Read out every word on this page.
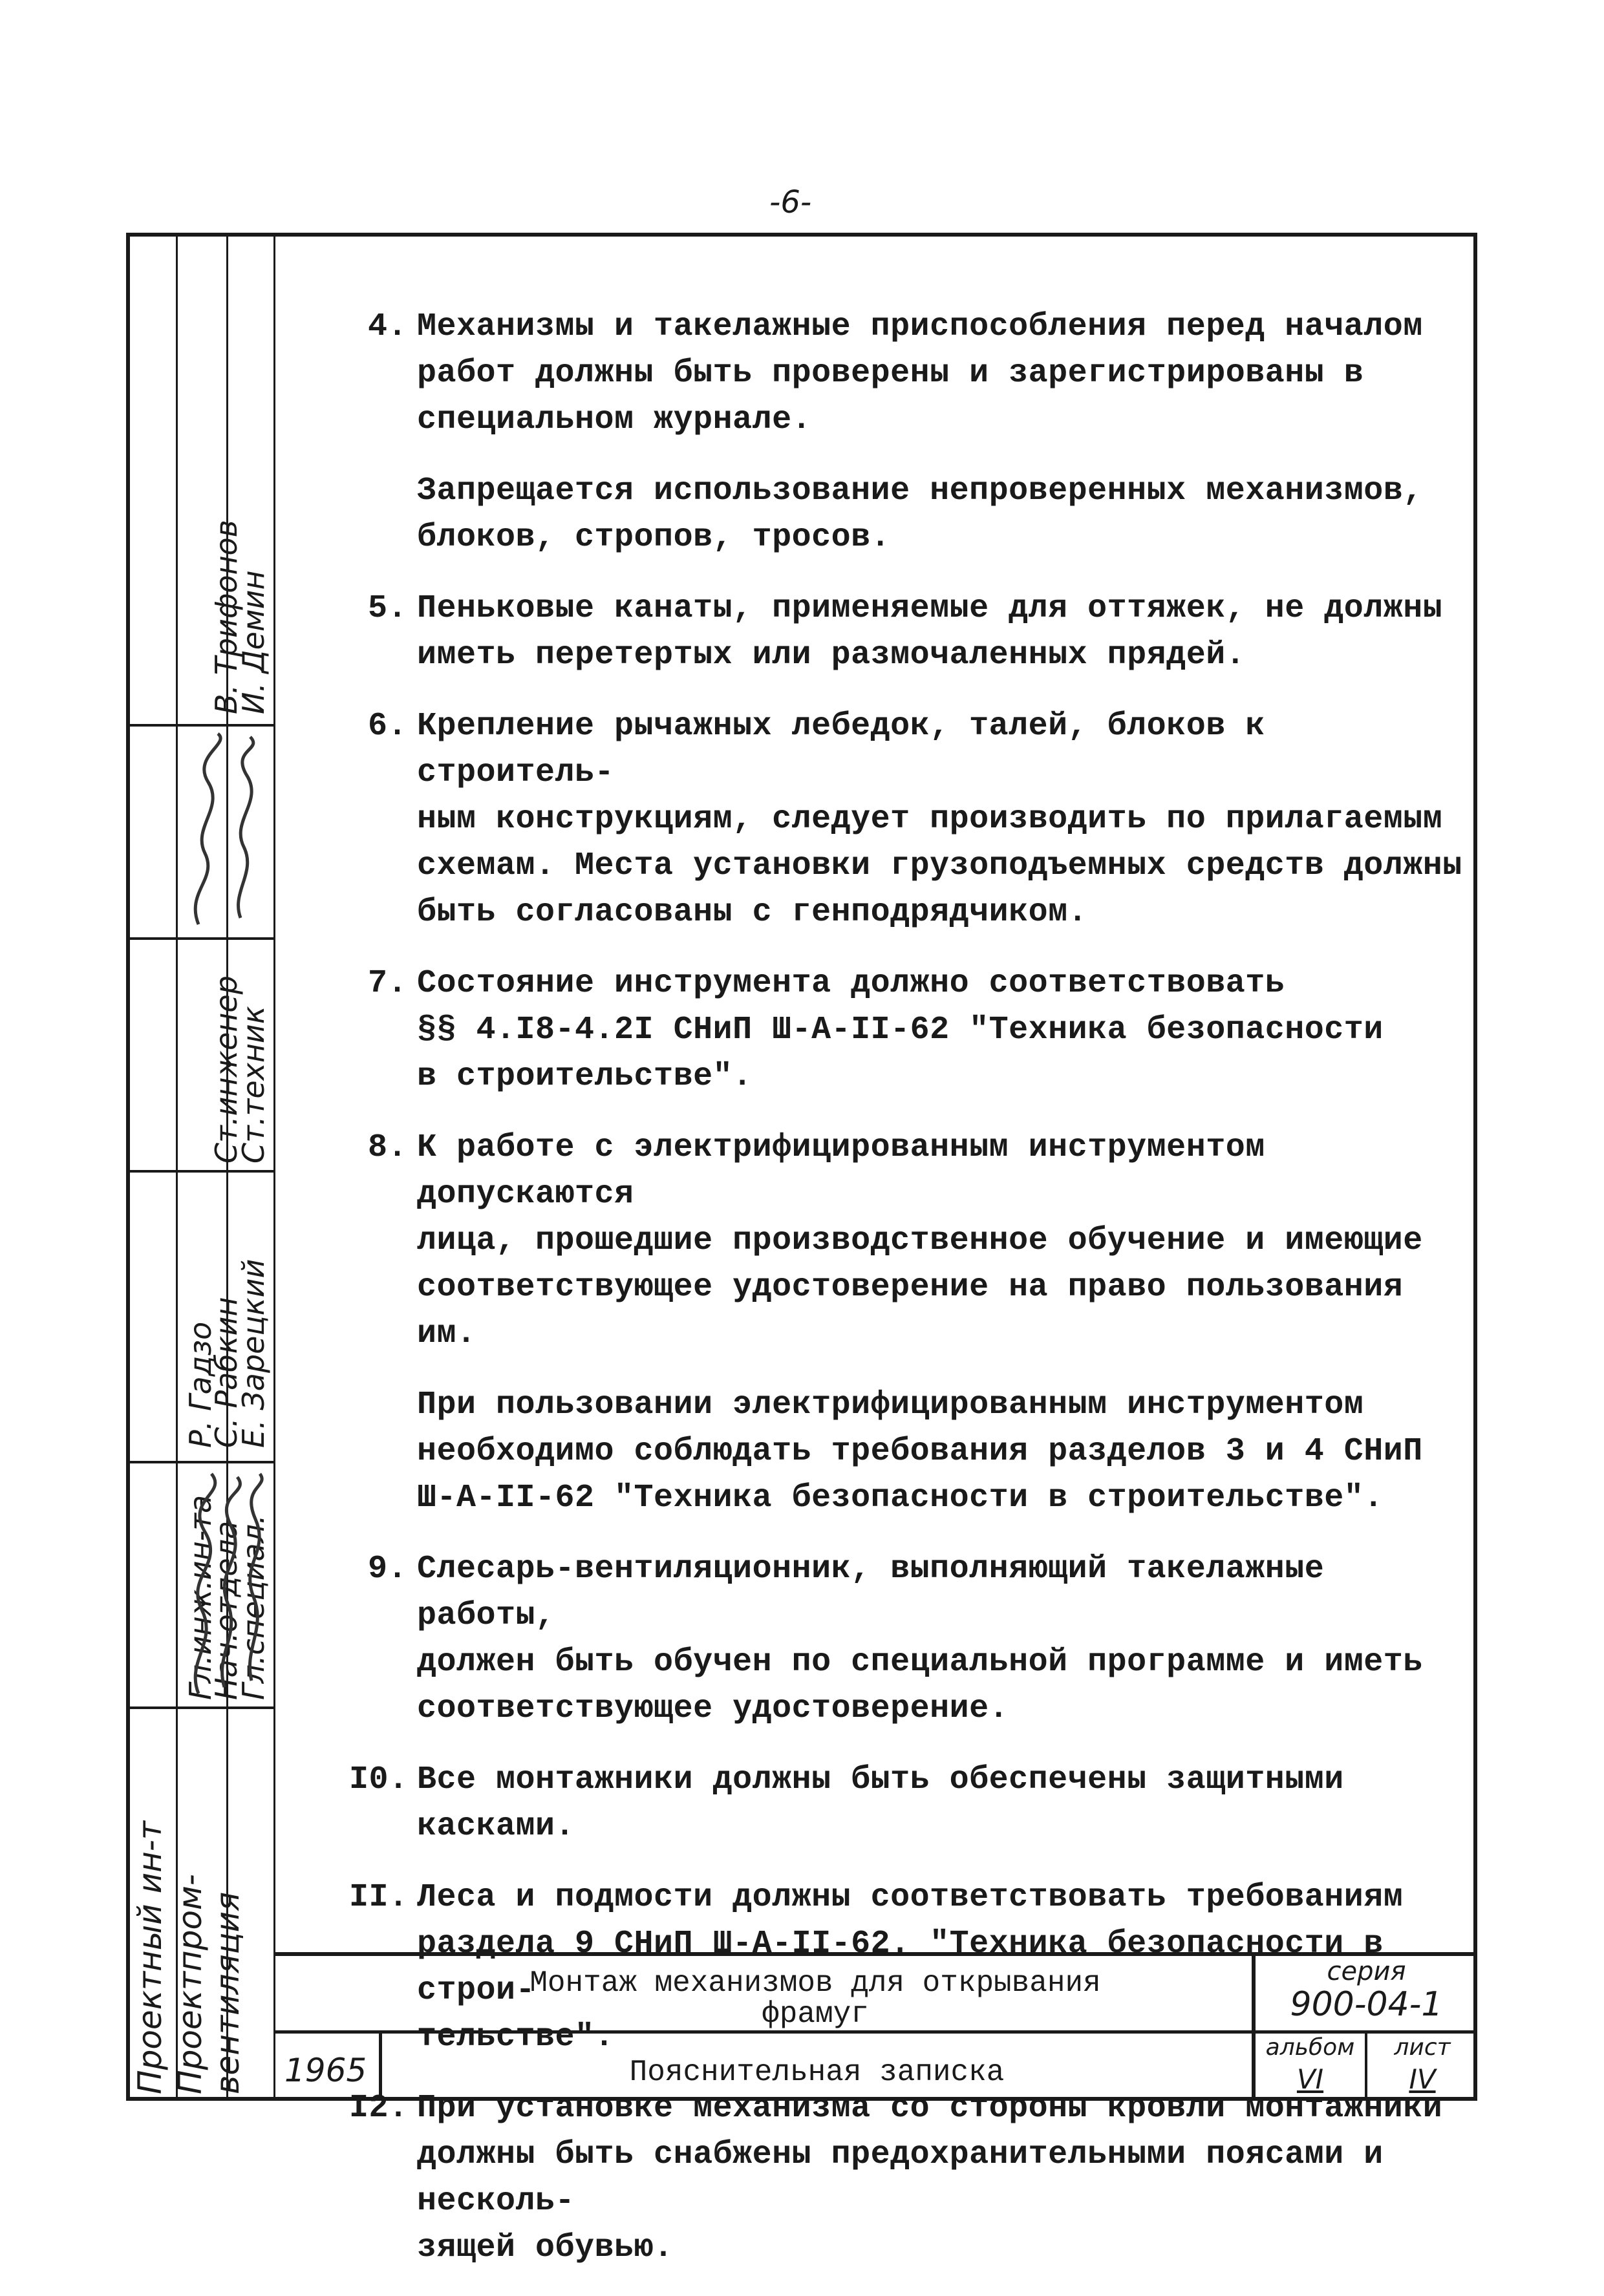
-6-
Проектный ин-т Проектпром- вентиляция
Гл.инж.ин-та
Нач.отдела
Гл.специал.
Ст.инженер
Ст.техник
Р. Гадзо
С. Рабкин
Е. Зарецкий
В. Трифонов
И. Демин
4. Механизмы и такелажные приспособления перед началом
работ должны быть проверены и зарегистрированы в
специальном журнале.
Запрещается использование непроверенных механизмов,
блоков, стропов, тросов.
5. Пеньковые канаты, применяемые для оттяжек, не должны
иметь перетертых или размочаленных прядей.
6. Крепление рычажных лебедок, талей, блоков к строитель-
ным конструкциям, следует производить по прилагаемым
схемам. Места установки грузоподъемных средств должны
быть согласованы с генподрядчиком.
7. Состояние инструмента должно соответствовать
§§ 4.I8-4.2I СНиП Ш-А-II-62 "Техника безопасности
в строительстве".
8. К работе с электрифицированным инструментом допускаются
лица, прошедшие производственное обучение и имеющие
соответствующее удостоверение на право пользования им.
При пользовании электрифицированным инструментом
необходимо соблюдать требования разделов 3 и 4 СНиП
Ш-А-II-62 "Техника безопасности в строительстве".
9. Слесарь-вентиляционник, выполняющий такелажные работы,
должен быть обучен по специальной программе и иметь
соответствующее удостоверение.
I0. Все монтажники должны быть обеспечены защитными касками.
II. Леса и подмости должны соответствовать требованиям
раздела 9 СНиП Ш-А-II-62. "Техника безопасности в строи-
тельстве".
I2. При установке механизма со стороны кровли монтажники
должны быть снабжены предохранительными поясами и несколь-
зящей обувью.
Монтаж механизмов для открывания
фрамуг
1965	Пояснительная записка
серия
900-04-1
альбом
VI
лист
IV
